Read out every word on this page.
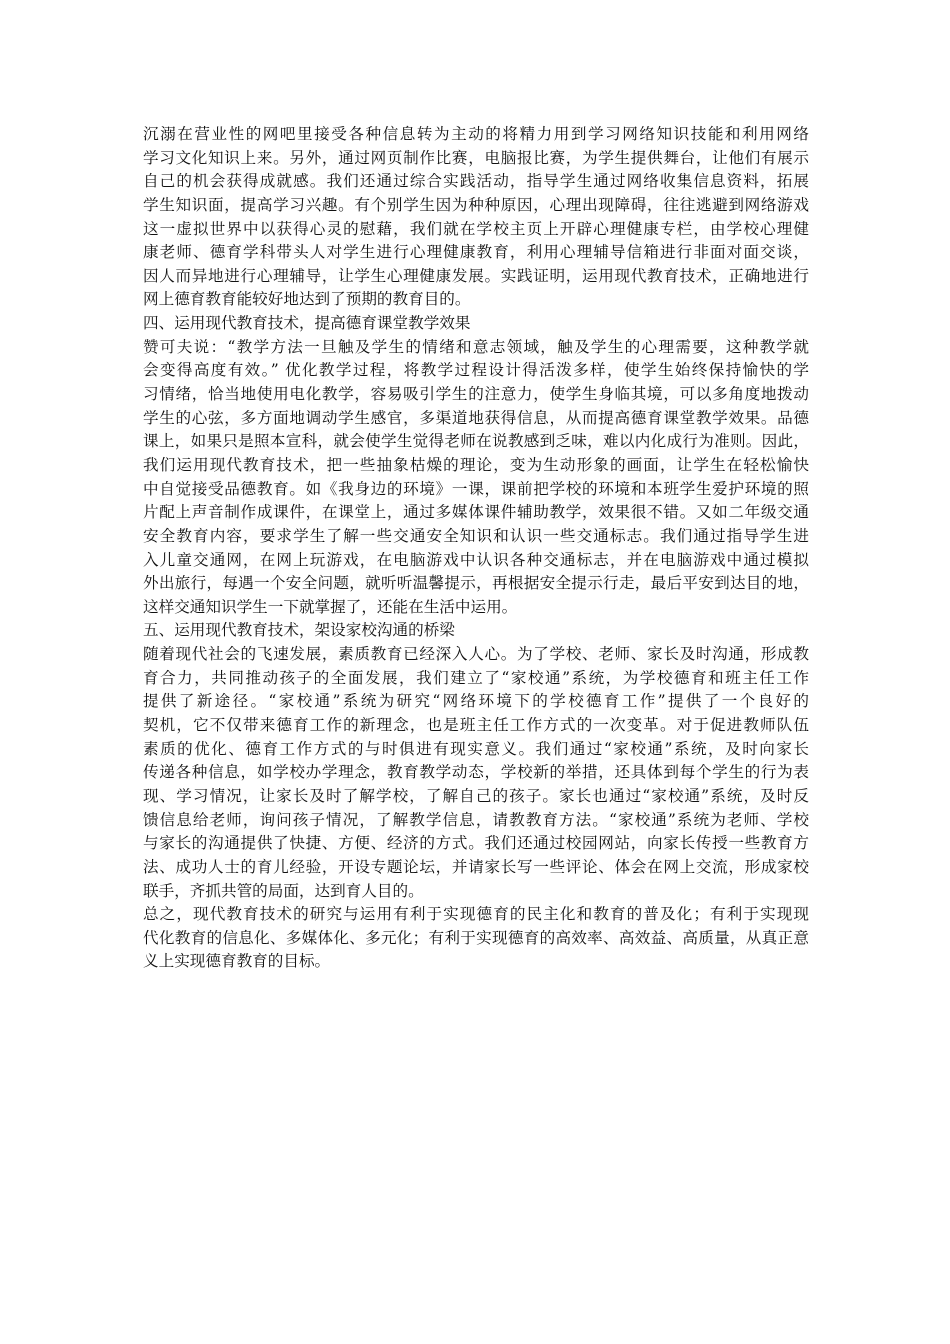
沉溺在营业性的网吧里接受各种信息转为主动的将精力用到学习网络知识技能和利用网络
学习文化知识上来。另外，通过网页制作比赛，电脑报比赛，为学生提供舞台，让他们有展示
自己的机会获得成就感。我们还通过综合实践活动，指导学生通过网络收集信息资料，拓展
学生知识面，提高学习兴趣。有个别学生因为种种原因，心理出现障碍，往往逃避到网络游戏
这一虚拟世界中以获得心灵的慰藉，我们就在学校主页上开辟心理健康专栏，由学校心理健
康老师、德育学科带头人对学生进行心理健康教育，利用心理辅导信箱进行非面对面交谈，
因人而异地进行心理辅导，让学生心理健康发展。实践证明，运用现代教育技术，正确地进行
网上德育教育能较好地达到了预期的教育目的。
四、运用现代教育技术，提高德育课堂教学效果
赞可夫说：“教学方法一旦触及学生的情绪和意志领域，触及学生的心理需要，这种教学就
会变得高度有效。” 优化教学过程，将教学过程设计得活泼多样，使学生始终保持愉快的学
习情绪，恰当地使用电化教学，容易吸引学生的注意力，使学生身临其境，可以多角度地拨动
学生的心弦，多方面地调动学生感官，多渠道地获得信息，从而提高德育课堂教学效果。品德
课上，如果只是照本宣科，就会使学生觉得老师在说教感到乏味，难以内化成行为准则。因此，
我们运用现代教育技术，把一些抽象枯燥的理论，变为生动形象的画面，让学生在轻松愉快
中自觉接受品德教育。如《我身边的环境》一课，课前把学校的环境和本班学生爱护环境的照
片配上声音制作成课件，在课堂上，通过多媒体课件辅助教学，效果很不错。又如二年级交通
安全教育内容，要求学生了解一些交通安全知识和认识一些交通标志。我们通过指导学生进
入儿童交通网，在网上玩游戏，在电脑游戏中认识各种交通标志，并在电脑游戏中通过模拟
外出旅行，每遇一个安全问题，就听听温馨提示，再根据安全提示行走，最后平安到达目的地，
这样交通知识学生一下就掌握了，还能在生活中运用。
五、运用现代教育技术，架设家校沟通的桥梁
随着现代社会的飞速发展，素质教育已经深入人心。为了学校、老师、家长及时沟通，形成教
育合力，共同推动孩子的全面发展，我们建立了“家校通”系统，为学校德育和班主任工作
提供了新途径。“家校通”系统为研究“网络环境下的学校德育工作”提供了一个良好的
契机，它不仅带来德育工作的新理念，也是班主任工作方式的一次变革。对于促进教师队伍
素质的优化、德育工作方式的与时俱进有现实意义。我们通过“家校通”系统，及时向家长
传递各种信息，如学校办学理念，教育教学动态，学校新的举措，还具体到每个学生的行为表
现、学习情况，让家长及时了解学校，了解自己的孩子。家长也通过“家校通”系统，及时反
馈信息给老师，询问孩子情况，了解教学信息，请教教育方法。“家校通”系统为老师、学校
与家长的沟通提供了快捷、方便、经济的方式。我们还通过校园网站，向家长传授一些教育方
法、成功人士的育儿经验，开设专题论坛，并请家长写一些评论、体会在网上交流，形成家校
联手，齐抓共管的局面，达到育人目的。
总之，现代教育技术的研究与运用有利于实现德育的民主化和教育的普及化；有利于实现现
代化教育的信息化、多媒体化、多元化；有利于实现德育的高效率、高效益、高质量，从真正意
义上实现德育教育的目标。
